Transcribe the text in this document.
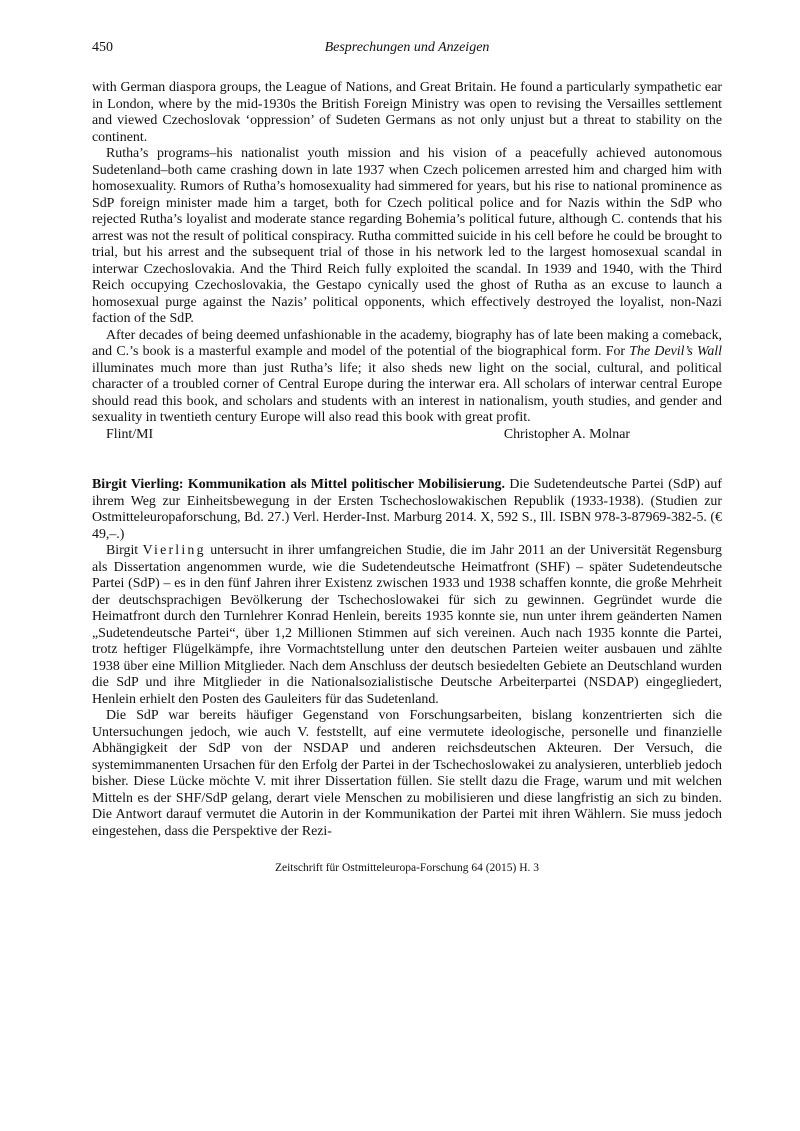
450	Besprechungen und Anzeigen

with German diaspora groups, the League of Nations, and Great Britain. He found a particularly sympathetic ear in London, where by the mid-1930s the British Foreign Ministry was open to revising the Versailles settlement and viewed Czechoslovak ‘oppression’ of Sudeten Germans as not only unjust but a threat to stability on the continent.

Rutha’s programs–his nationalist youth mission and his vision of a peacefully achieved autonomous Sudetenland–both came crashing down in late 1937 when Czech policemen arrested him and charged him with homosexuality. Rumors of Rutha’s homosexuality had simmered for years, but his rise to national prominence as SdP foreign minister made him a target, both for Czech political police and for Nazis within the SdP who rejected Rutha’s loyalist and moderate stance regarding Bohemia’s political future, although C. contends that his arrest was not the result of political conspiracy. Rutha committed suicide in his cell before he could be brought to trial, but his arrest and the subsequent trial of those in his network led to the largest homosexual scandal in interwar Czechoslovakia. And the Third Reich fully exploited the scandal. In 1939 and 1940, with the Third Reich occupying Czechoslovakia, the Gestapo cynically used the ghost of Rutha as an excuse to launch a homosexual purge against the Nazis’ political opponents, which effectively destroyed the loyalist, non-Nazi faction of the SdP.

After decades of being deemed unfashionable in the academy, biography has of late been making a comeback, and C.’s book is a masterful example and model of the potential of the biographical form. For The Devil’s Wall illuminates much more than just Rutha’s life; it also sheds new light on the social, cultural, and political character of a troubled corner of Central Europe during the interwar era. All scholars of interwar central Europe should read this book, and scholars and students with an interest in nationalism, youth studies, and gender and sexuality in twentieth century Europe will also read this book with great profit.

Flint/MI	Christopher A. Molnar

Birgit Vierling: Kommunikation als Mittel politischer Mobilisierung. Die Sudetendeutsche Partei (SdP) auf ihrem Weg zur Einheitsbewegung in der Ersten Tschechoslowakischen Republik (1933-1938). (Studien zur Ostmitteleuropaforschung, Bd. 27.) Verl. Herder-Inst. Marburg 2014. X, 592 S., Ill. ISBN 978-3-87969-382-5. (€ 49,–.)

Birgit Vierling untersucht in ihrer umfangreichen Studie, die im Jahr 2011 an der Universität Regensburg als Dissertation angenommen wurde, wie die Sudetendeutsche Heimatfront (SHF) – später Sudetendeutsche Partei (SdP) – es in den fünf Jahren ihrer Existenz zwischen 1933 und 1938 schaffen konnte, die große Mehrheit der deutschsprachigen Bevölkerung der Tschechoslowakei für sich zu gewinnen. Gegründet wurde die Heimatfront durch den Turnlehrer Konrad Henlein, bereits 1935 konnte sie, nun unter ihrem geänderten Namen „Sudetendeutsche Partei“, über 1,2 Millionen Stimmen auf sich vereinen. Auch nach 1935 konnte die Partei, trotz heftiger Flügelkämpfe, ihre Vormachtstellung unter den deutschen Parteien weiter ausbauen und zählte 1938 über eine Million Mitglieder. Nach dem Anschluss der deutsch besiedelten Gebiete an Deutschland wurden die SdP und ihre Mitglieder in die Nationalsozialistische Deutsche Arbeiterpartei (NSDAP) eingegliedert, Henlein erhielt den Posten des Gauleiters für das Sudetenland.

Die SdP war bereits häufiger Gegenstand von Forschungsarbeiten, bislang konzentrierten sich die Untersuchungen jedoch, wie auch V. feststellt, auf eine vermutete ideologische, personelle und finanzielle Abhängigkeit der SdP von der NSDAP und anderen reichsdeutschen Akteuren. Der Versuch, die systemimmanenten Ursachen für den Erfolg der Partei in der Tschechoslowakei zu analysieren, unterblieb jedoch bisher. Diese Lücke möchte V. mit ihrer Dissertation füllen. Sie stellt dazu die Frage, warum und mit welchen Mitteln es der SHF/SdP gelang, derart viele Menschen zu mobilisieren und diese langfristig an sich zu binden. Die Antwort darauf vermutet die Autorin in der Kommunikation der Partei mit ihren Wählern. Sie muss jedoch eingestehen, dass die Perspektive der Rezi-

Zeitschrift für Ostmitteleuropa-Forschung 64 (2015) H. 3
